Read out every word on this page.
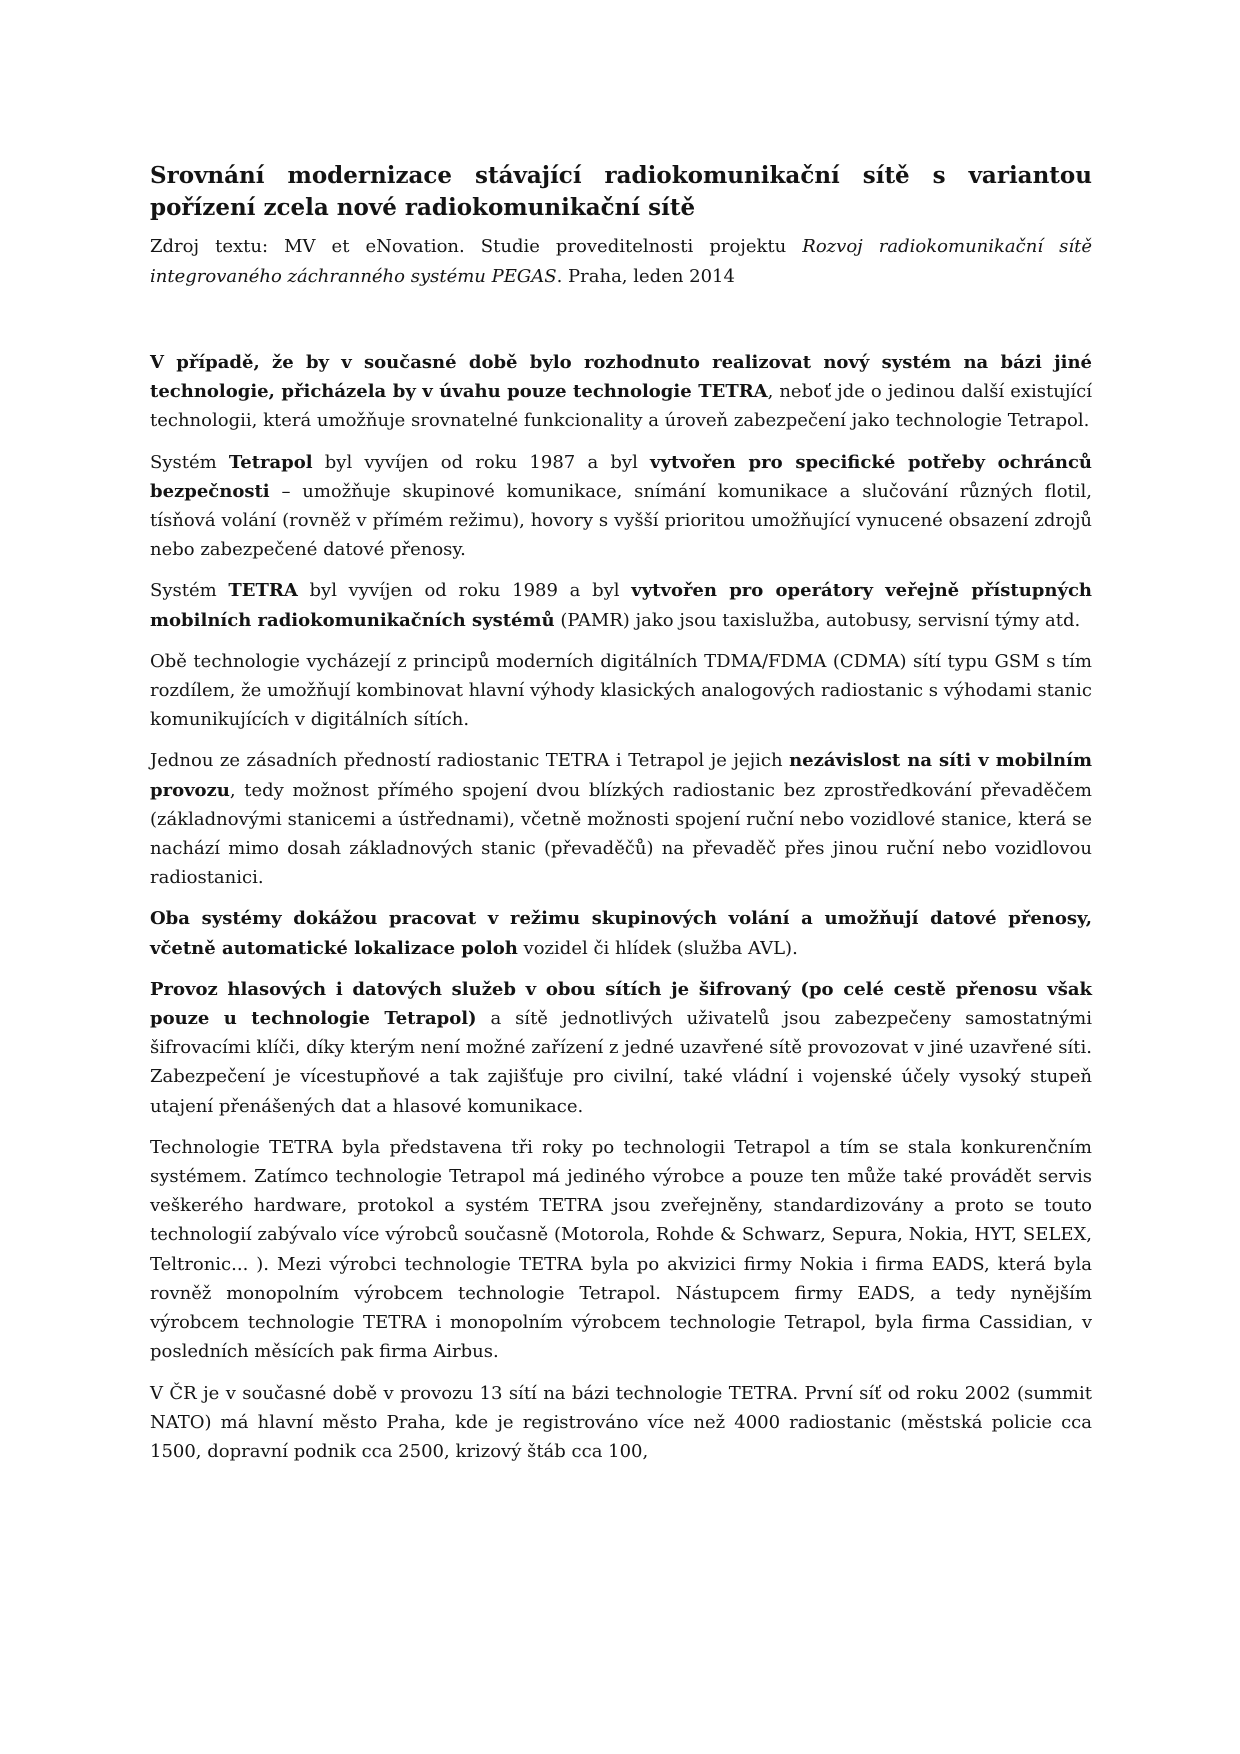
Srovnání modernizace stávající radiokomunikační sítě s variantou pořízení zcela nové radiokomunikační sítě
Zdroj textu: MV et eNovation. Studie proveditelnosti projektu Rozvoj radiokomunikační sítě integrovaného záchranného systému PEGAS. Praha, leden 2014

V případě, že by v současné době bylo rozhodnuto realizovat nový systém na bázi jiné technologie, přicházela by v úvahu pouze technologie TETRA, neboť jde o jedinou další existující technologii, která umožňuje srovnatelné funkcionality a úroveň zabezpečení jako technologie Tetrapol.

Systém Tetrapol byl vyvíjen od roku 1987 a byl vytvořen pro specifické potřeby ochránců bezpečnosti – umožňuje skupinové komunikace, snímání komunikace a slučování různých flotil, tísňová volání (rovněž v přímém režimu), hovory s vyšší prioritou umožňující vynucené obsazení zdrojů nebo zabezpečené datové přenosy.

Systém TETRA byl vyvíjen od roku 1989 a byl vytvořen pro operátory veřejně přístupných mobilních radiokomunikačních systémů (PAMR) jako jsou taxislužba, autobusy, servisní týmy atd.

Obě technologie vycházejí z principů moderních digitálních TDMA/FDMA (CDMA) sítí typu GSM s tím rozdílem, že umožňují kombinovat hlavní výhody klasických analogových radiostanic s výhodami stanic komunikujících v digitálních sítích.

Jednou ze zásadních předností radiostanic TETRA i Tetrapol je jejich nezávislost na síti v mobilním provozu, tedy možnost přímého spojení dvou blízkých radiostanic bez zprostředkování převaděčem (základnovými stanicemi a ústřednami), včetně možnosti spojení ruční nebo vozidlové stanice, která se nachází mimo dosah základnových stanic (převaděčů) na převaděč přes jinou ruční nebo vozidlovou radiostanici.

Oba systémy dokážou pracovat v režimu skupinových volání a umožňují datové přenosy, včetně automatické lokalizace poloh vozidel či hlídek (služba AVL).

Provoz hlasových i datových služeb v obou sítích je šifrovaný (po celé cestě přenosu však pouze u technologie Tetrapol) a sítě jednotlivých uživatelů jsou zabezpečeny samostatnými šifrovacími klíči, díky kterým není možné zařízení z jedné uzavřené sítě provozovat v jiné uzavřené síti. Zabezpečení je vícestupňové a tak zajišťuje pro civilní, také vládní i vojenské účely vysoký stupeň utajení přenášených dat a hlasové komunikace.

Technologie TETRA byla představena tři roky po technologii Tetrapol a tím se stala konkurenčním systémem. Zatímco technologie Tetrapol má jediného výrobce a pouze ten může také provádět servis veškerého hardware, protokol a systém TETRA jsou zveřejněny, standardizovány a proto se touto technologií zabývalo více výrobců současně (Motorola, Rohde & Schwarz, Sepura, Nokia, HYT, SELEX, Teltronic... ). Mezi výrobci technologie TETRA byla po akvizici firmy Nokia i firma EADS, která byla rovněž monopolním výrobcem technologie Tetrapol. Nástupcem firmy EADS, a tedy nynějším výrobcem technologie TETRA i monopolním výrobcem technologie Tetrapol, byla firma Cassidian, v posledních měsících pak firma Airbus.

V ČR je v současné době v provozu 13 sítí na bázi technologie TETRA. První síť od roku 2002 (summit NATO) má hlavní město Praha, kde je registrováno více než 4000 radiostanic (městská policie cca 1500, dopravní podnik cca 2500, krizový štáb cca 100,
